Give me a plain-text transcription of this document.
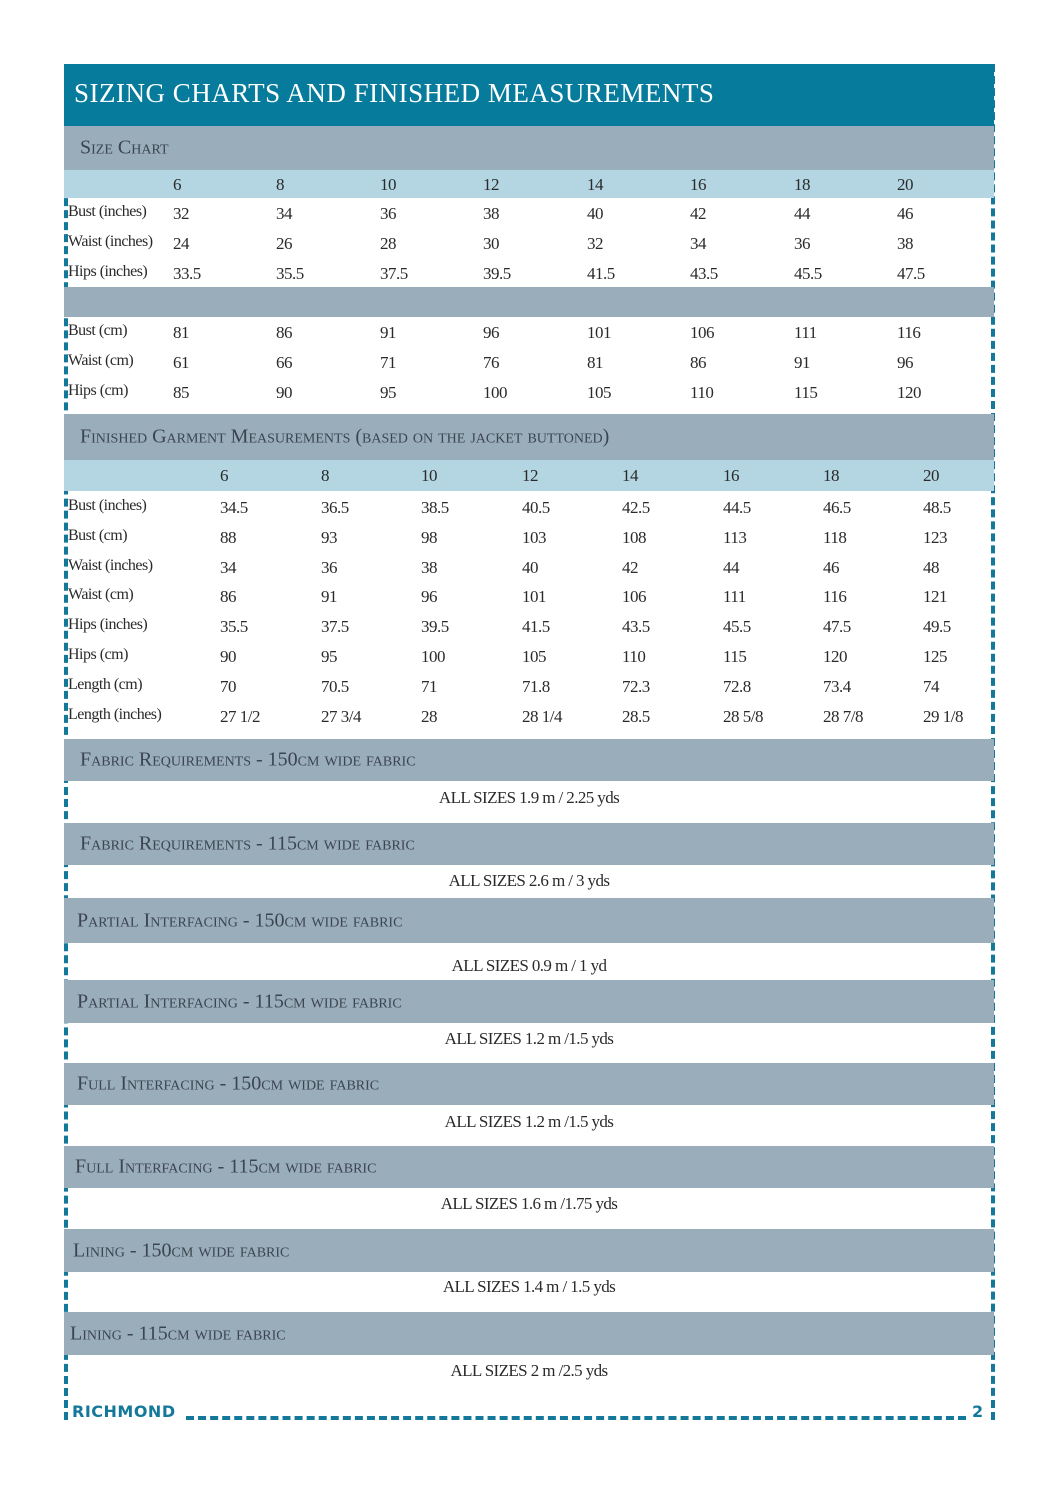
SIZING CHARTS AND FINISHED MEASUREMENTS
Size Chart
6	8	10	12	14	16	18	20
Bust (inches) 32	34	36	38	40	42	44	46
Waist (inches) 24	26	28	30	32	34	36	38
Hips (inches) 33.5	35.5	37.5	39.5	41.5	43.5	45.5	47.5
Bust (cm)	81	86	91	96	101	106	111	116
Waist (cm) 61	66	71	76	81	86	91	96
Hips (cm)	85	90	95	100	105	110	115	120
Finished Garment Measurements (based on the jacket buttoned)
6	8	10	12	14	16	18	20
Bust (inches)	34.5	36.5	38.5	40.5	42.5	44.5	46.5	48.5
Bust (cm)	88	93	98	103	108	113	118	123
Waist (inches)	34	36	38	40	42	44	46	48
Waist (cm)	86	91	96	101	106	111	116	121
Hips (inches)	35.5	37.5	39.5	41.5	43.5	45.5	47.5	49.5
Hips (cm)	90	95	100	105	110	115	120	125
Length (cm)	70	70.5	71	71.8	72.3	72.8	73.4	74
Length (inches)	27 1/2	27 3/4	28	28 1/4	28.5	28 5/8	28 7/8	29 1/8
Fabric Requirements - 150cm wide fabric
ALL SIZES 1.9 m / 2.25 yds
Fabric Requirements - 115cm wide fabric
ALL SIZES 2.6 m / 3 yds
Partial Interfacing - 150cm wide fabric
ALL SIZES 0.9 m / 1 yd
Partial Interfacing - 115cm wide fabric
ALL SIZES 1.2 m /1.5 yds
Full Interfacing - 150cm wide fabric
ALL SIZES 1.2 m /1.5 yds
Full Interfacing - 115cm wide fabric
ALL SIZES 1.6 m /1.75 yds
Lining - 150cm wide fabric
ALL SIZES 1.4 m / 1.5 yds
Lining - 115cm wide fabric
ALL SIZES 2 m /2.5 yds
RICHMOND	2
